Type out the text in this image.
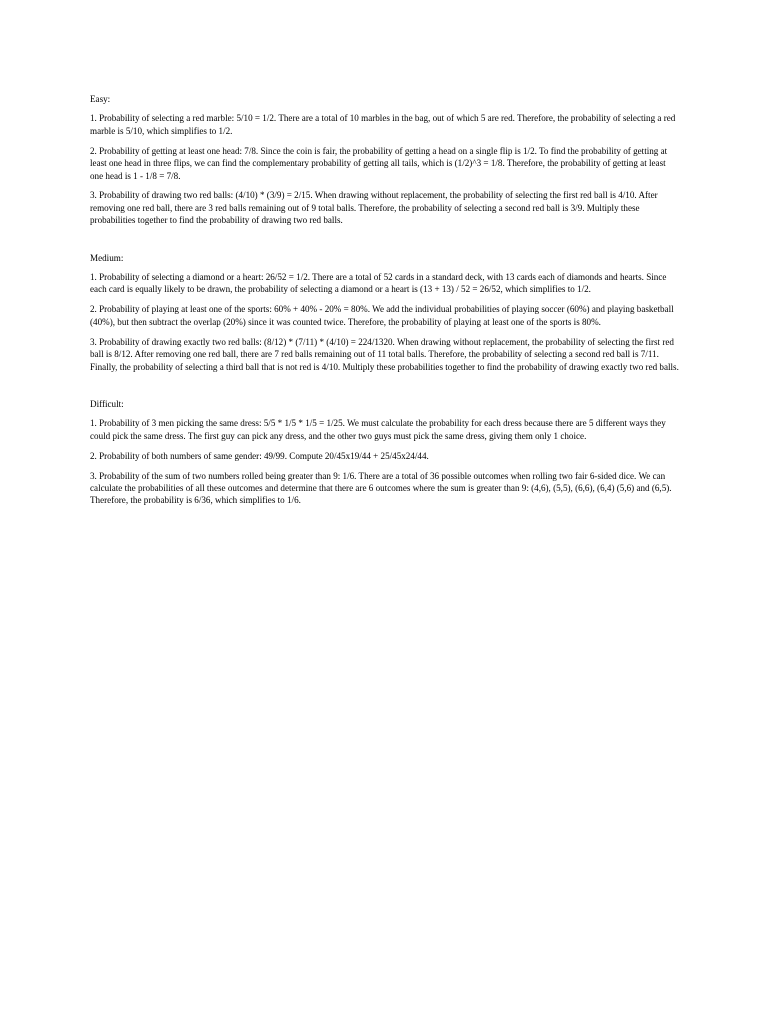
Easy:
1. Probability of selecting a red marble: 5/10 = 1/2. There are a total of 10 marbles in the bag, out of which 5 are red. Therefore, the probability of selecting a red marble is 5/10, which simplifies to 1/2.
2. Probability of getting at least one head: 7/8. Since the coin is fair, the probability of getting a head on a single flip is 1/2. To find the probability of getting at least one head in three flips, we can find the complementary probability of getting all tails, which is (1/2)^3 = 1/8. Therefore, the probability of getting at least one head is 1 - 1/8 = 7/8.
3. Probability of drawing two red balls: (4/10) * (3/9) = 2/15. When drawing without replacement, the probability of selecting the first red ball is 4/10. After removing one red ball, there are 3 red balls remaining out of 9 total balls. Therefore, the probability of selecting a second red ball is 3/9. Multiply these probabilities together to find the probability of drawing two red balls.
Medium:
1. Probability of selecting a diamond or a heart: 26/52 = 1/2. There are a total of 52 cards in a standard deck, with 13 cards each of diamonds and hearts. Since each card is equally likely to be drawn, the probability of selecting a diamond or a heart is (13 + 13) / 52 = 26/52, which simplifies to 1/2.
2. Probability of playing at least one of the sports: 60% + 40% - 20% = 80%. We add the individual probabilities of playing soccer (60%) and playing basketball (40%), but then subtract the overlap (20%) since it was counted twice. Therefore, the probability of playing at least one of the sports is 80%.
3. Probability of drawing exactly two red balls: (8/12) * (7/11) * (4/10) = 224/1320. When drawing without replacement, the probability of selecting the first red ball is 8/12. After removing one red ball, there are 7 red balls remaining out of 11 total balls. Therefore, the probability of selecting a second red ball is 7/11. Finally, the probability of selecting a third ball that is not red is 4/10. Multiply these probabilities together to find the probability of drawing exactly two red balls.
Difficult:
1. Probability of 3 men picking the same dress: 5/5 * 1/5 * 1/5 = 1/25. We must calculate the probability for each dress because there are 5 different ways they could pick the same dress. The first guy can pick any dress, and the other two guys must pick the same dress, giving them only 1 choice.
2. Probability of both numbers of same gender: 49/99. Compute 20/45x19/44 + 25/45x24/44.
3. Probability of the sum of two numbers rolled being greater than 9: 1/6. There are a total of 36 possible outcomes when rolling two fair 6-sided dice. We can calculate the probabilities of all these outcomes and determine that there are 6 outcomes where the sum is greater than 9: (4,6), (5,5), (6,6), (6,4) (5,6) and (6,5). Therefore, the probability is 6/36, which simplifies to 1/6.
